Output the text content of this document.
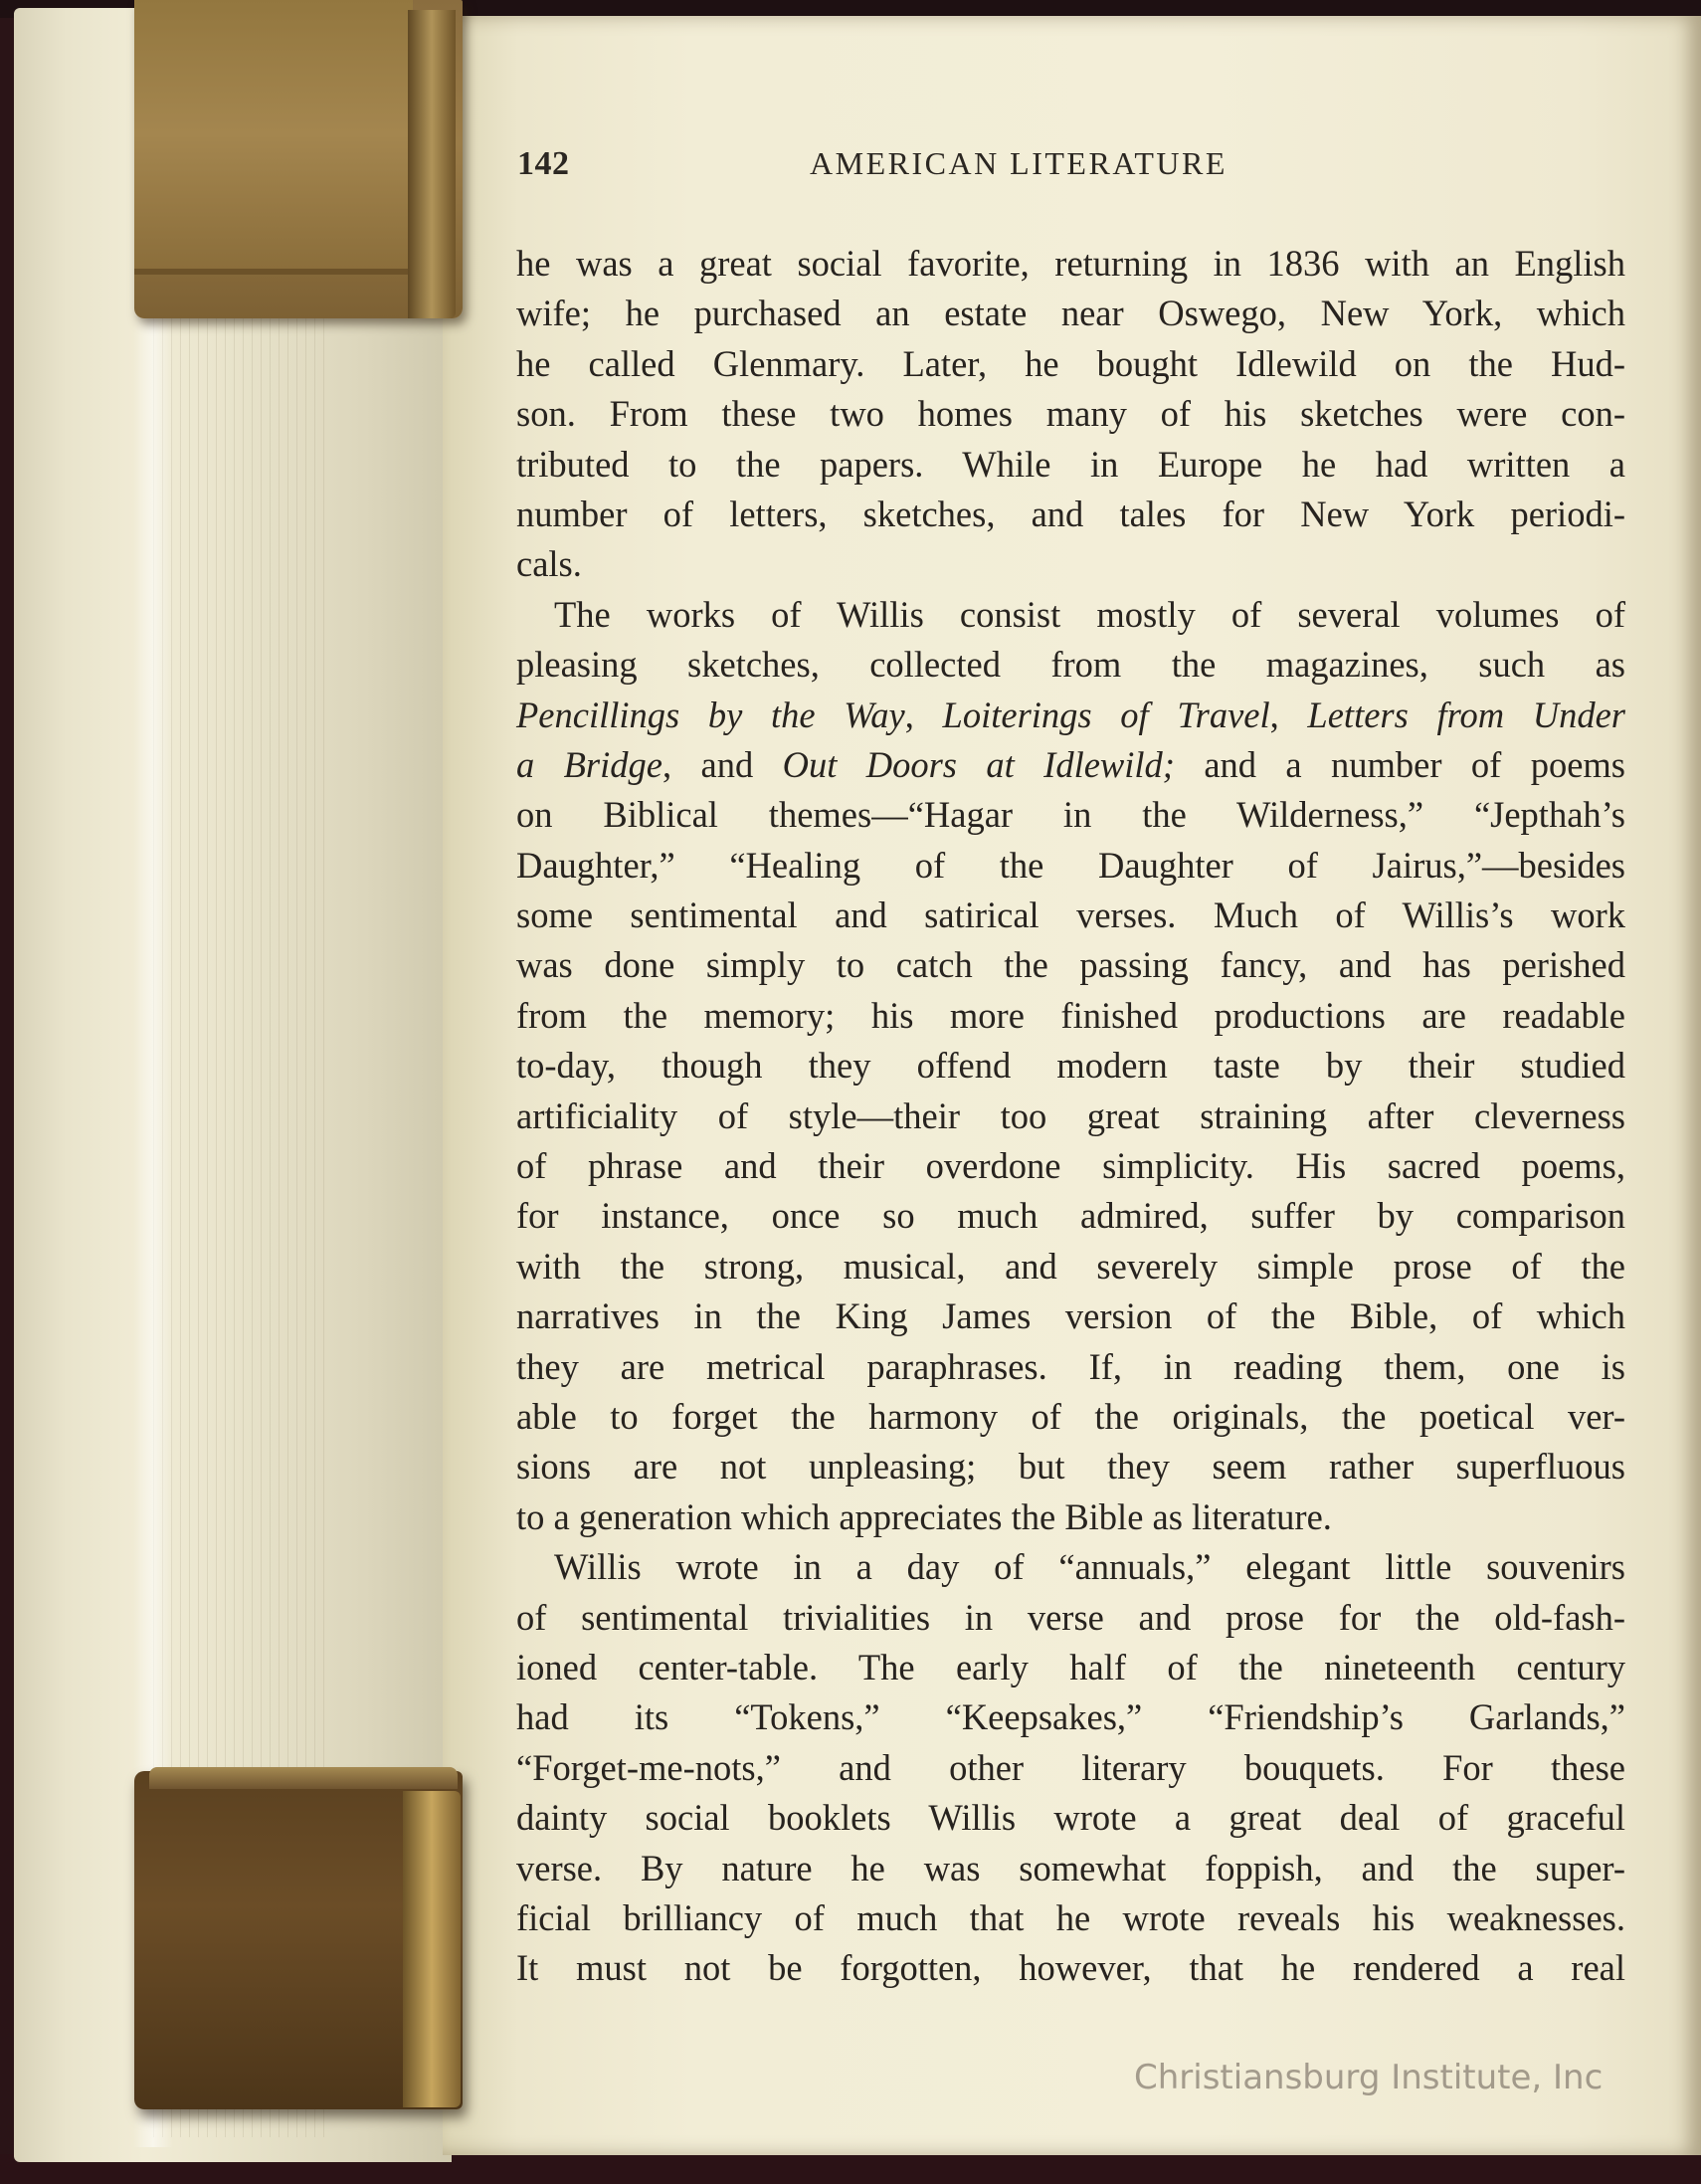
142	AMERICAN LITERATURE
he was a great social favorite, returning in 1836 with an English
wife; he purchased an estate near Oswego, New York, which
he called Glenmary. Later, he bought Idlewild on the Hud-
son. From these two homes many of his sketches were con-
tributed to the papers. While in Europe he had written a
number of letters, sketches, and tales for New York periodi-
cals.
The works of Willis consist mostly of several volumes of
pleasing sketches, collected from the magazines, such as
Pencillings by the Way, Loiterings of Travel, Letters from Under
a Bridge, and Out Doors at Idlewild; and a number of poems
on Biblical themes—“Hagar in the Wilderness,” “Jepthah’s
Daughter,” “Healing of the Daughter of Jairus,”—besides
some sentimental and satirical verses. Much of Willis’s work
was done simply to catch the passing fancy, and has perished
from the memory; his more finished productions are readable
to-day, though they offend modern taste by their studied
artificiality of style—their too great straining after cleverness
of phrase and their overdone simplicity. His sacred poems,
for instance, once so much admired, suffer by comparison
with the strong, musical, and severely simple prose of the
narratives in the King James version of the Bible, of which
they are metrical paraphrases. If, in reading them, one is
able to forget the harmony of the originals, the poetical ver-
sions are not unpleasing; but they seem rather superfluous
to a generation which appreciates the Bible as literature.
Willis wrote in a day of “annuals,” elegant little souvenirs
of sentimental trivialities in verse and prose for the old-fash-
ioned center-table. The early half of the nineteenth century
had its “Tokens,” “Keepsakes,” “Friendship’s Garlands,”
“Forget-me-nots,” and other literary bouquets. For these
dainty social booklets Willis wrote a great deal of graceful
verse. By nature he was somewhat foppish, and the super-
ficial brilliancy of much that he wrote reveals his weaknesses.
It must not be forgotten, however, that he rendered a real
Christiansburg Institute, Inc
